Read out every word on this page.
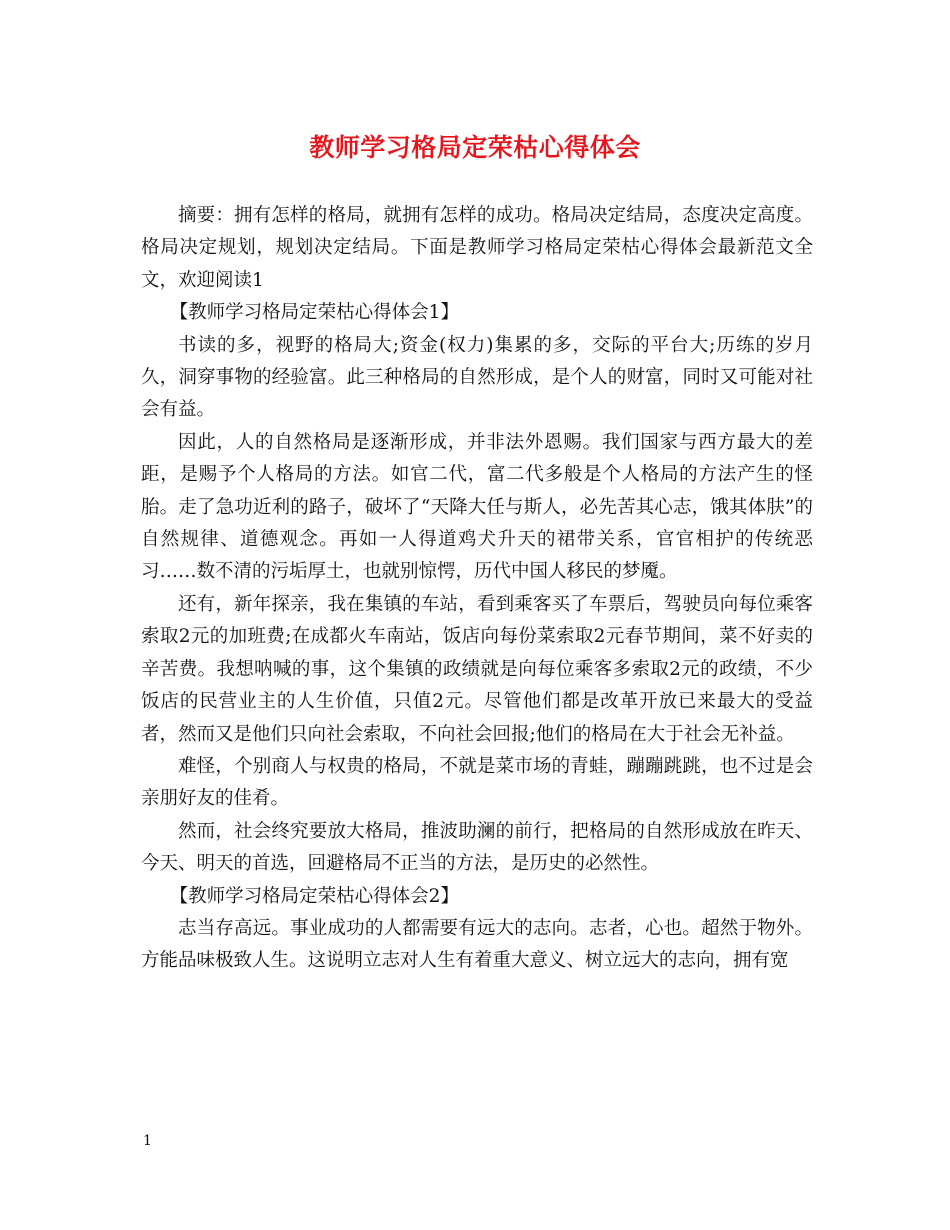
教师学习格局定荣枯心得体会

摘要：拥有怎样的格局，就拥有怎样的成功。格局决定结局，态度决定高度。格局决定规划，规划决定结局。下面是教师学习格局定荣枯心得体会最新范文全文，欢迎阅读1

【教师学习格局定荣枯心得体会1】

书读的多，视野的格局大;资金(权力)集累的多，交际的平台大;历练的岁月久，洞穿事物的经验富。此三种格局的自然形成，是个人的财富，同时又可能对社会有益。

因此，人的自然格局是逐渐形成，并非法外恩赐。我们国家与西方最大的差距，是赐予个人格局的方法。如官二代，富二代多般是个人格局的方法产生的怪胎。走了急功近利的路子，破坏了“天降大任与斯人，必先苦其心志，饿其体肤”的自然规律、道德观念。再如一人得道鸡犬升天的裙带关系，官官相护的传统恶习……数不清的污垢厚土，也就别惊愕，历代中国人移民的梦魇。

还有，新年探亲，我在集镇的车站，看到乘客买了车票后，驾驶员向每位乘客索取2元的加班费;在成都火车南站，饭店向每份菜索取2元春节期间，菜不好卖的辛苦费。我想呐喊的事，这个集镇的政绩就是向每位乘客多索取2元的政绩，不少饭店的民营业主的人生价值，只值2元。尽管他们都是改革开放已来最大的受益者，然而又是他们只向社会索取，不向社会回报;他们的格局在大于社会无补益。

难怪，个别商人与权贵的格局，不就是菜市场的青蛙，蹦蹦跳跳，也不过是会亲朋好友的佳肴。

然而，社会终究要放大格局，推波助澜的前行，把格局的自然形成放在昨天、今天、明天的首选，回避格局不正当的方法，是历史的必然性。

【教师学习格局定荣枯心得体会2】

志当存高远。事业成功的人都需要有远大的志向。志者，心也。超然于物外。方能品味极致人生。这说明立志对人生有着重大意义、树立远大的志向，拥有宽

1
